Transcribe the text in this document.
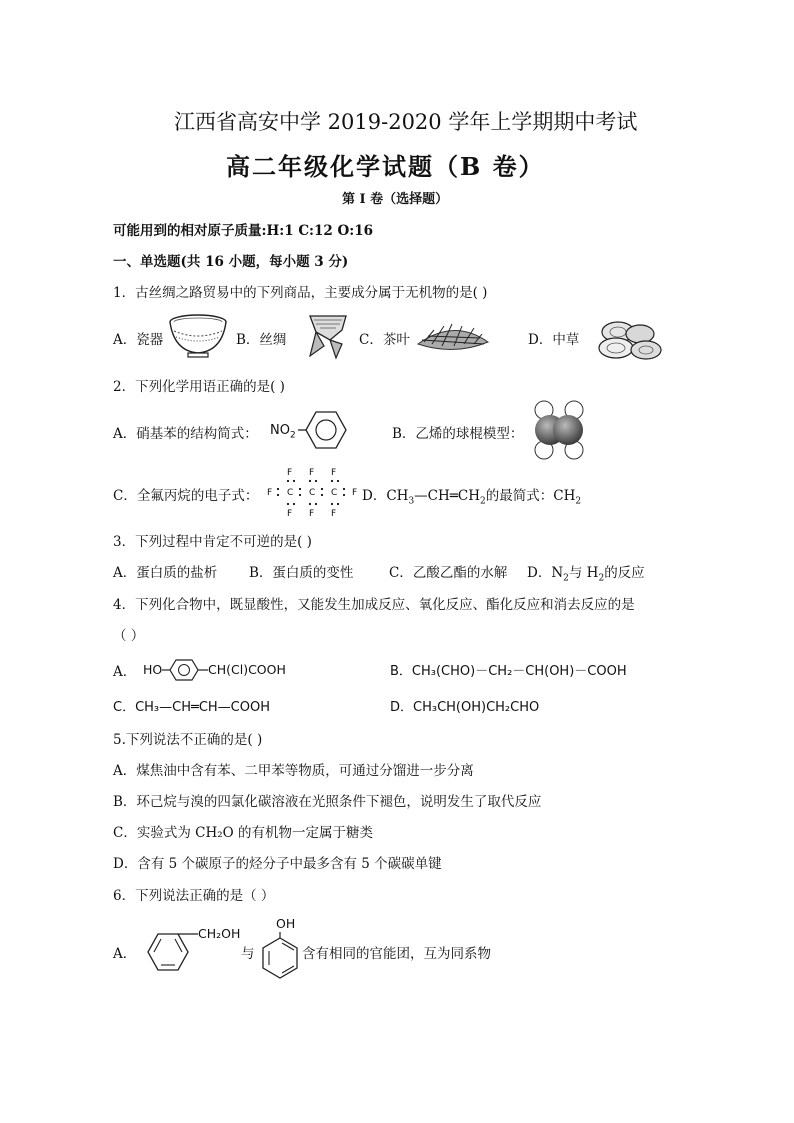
江西省高安中学 2019-2020 学年上学期期中考试
高二年级化学试题（B 卷）
第 I 卷（选择题）
可能用到的相对原子质量:H:1 C:12 O:16
一、单选题(共 16 小题，每小题 3 分)
1．古丝绸之路贸易中的下列商品，主要成分属于无机物的是( )
A．瓷器	B．丝绸	C．茶叶	D．中草
2．下列化学用语正确的是( )
A．硝基苯的结构简式： $NO_2$	B．乙烯的球棍模型：
C．全氟丙烷的电子式：
F F F
F C C C F
F F F
D．$CH_3—CH═CH_2$的最简式：$CH_2$
3．下列过程中肯定不可逆的是( )
A．蛋白质的盐析 B．蛋白质的变性	C．乙酸乙酯的水解 D．$N_2$与 $H_2$的反应
4．下列化合物中，既显酸性，又能发生加成反应、氧化反应、酯化反应和消去反应的是
（ ）
A． HO	CH(Cl)COOH	B．CH₃(CHO)－CH₂－CH(OH)－COOH
C．CH₃—CH═CH—COOH	D．CH₃CH(OH)CH₂CHO
5.下列说法不正确的是( )
A．煤焦油中含有苯、二甲苯等物质，可通过分馏进一步分离
B．环己烷与溴的四氯化碳溶液在光照条件下褪色，说明发生了取代反应
C．实验式为 CH₂O 的有机物一定属于糖类
D．含有 5 个碳原子的烃分子中最多含有 5 个碳碳单键
6．下列说法正确的是（ ）
A．
CH₂OH
与
OH
含有相同的官能团，互为同系物
